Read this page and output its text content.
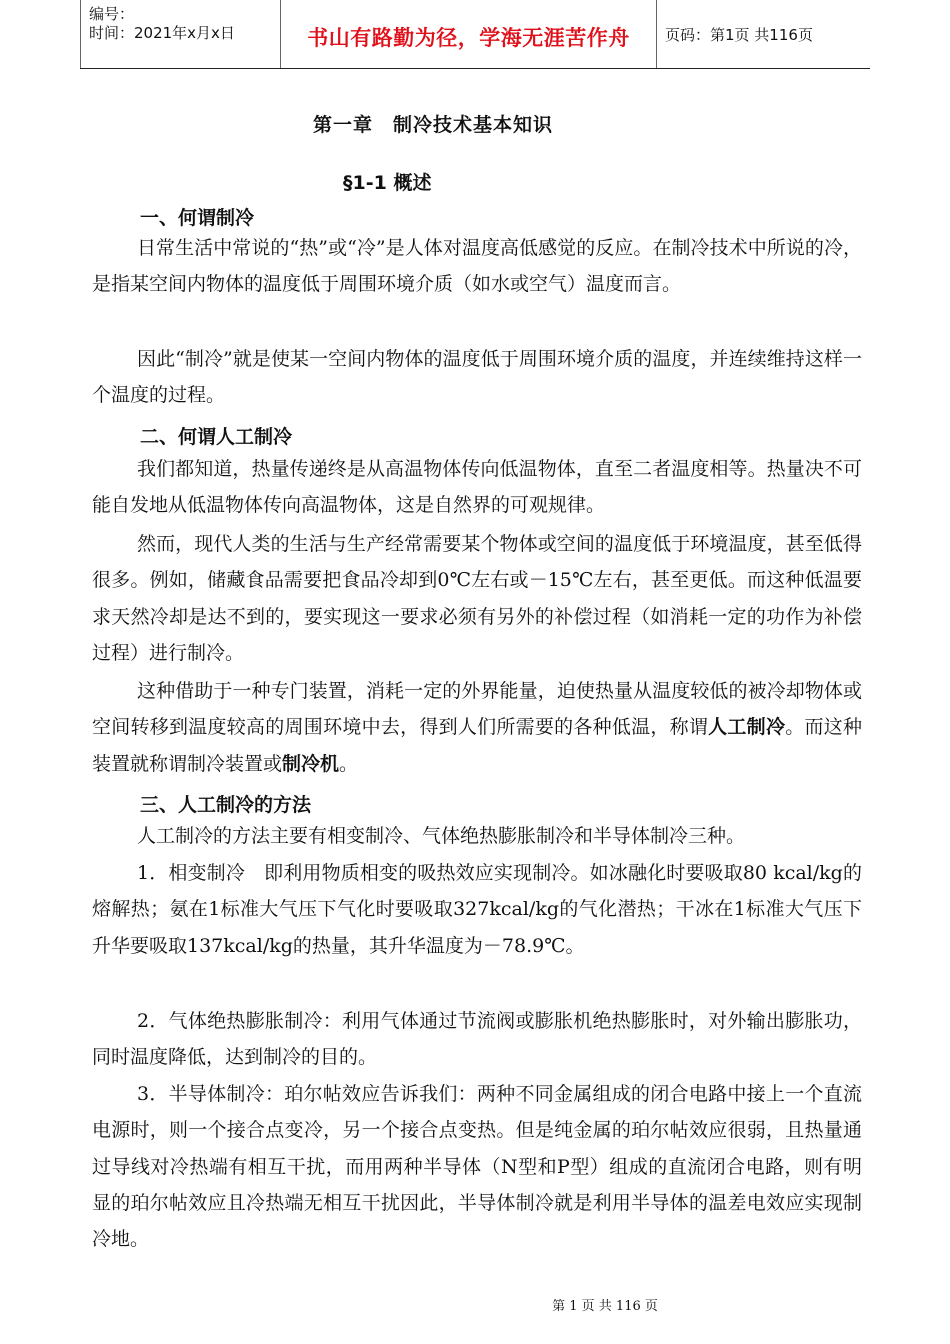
编号：
时间：2021年x月x日	书山有路勤为径，学海无涯苦作舟	页码：第1页 共116页
第一章　制冷技术基本知识
§1-1 概述
一、何谓制冷

日常生活中常说的“热”或“冷”是人体对温度高低感觉的反应。在制冷技术中所说的冷，是指某空间内物体的温度低于周围环境介质（如水或空气）温度而言。

因此“制冷”就是使某一空间内物体的温度低于周围环境介质的温度，并连续维持这样一个温度的过程。

二、何谓人工制冷

我们都知道，热量传递终是从高温物体传向低温物体，直至二者温度相等。热量决不可能自发地从低温物体传向高温物体，这是自然界的可观规律。

然而，现代人类的生活与生产经常需要某个物体或空间的温度低于环境温度，甚至低得很多。例如，储藏食品需要把食品冷却到0℃左右或－15℃左右，甚至更低。而这种低温要求天然冷却是达不到的，要实现这一要求必须有另外的补偿过程（如消耗一定的功作为补偿过程）进行制冷。

这种借助于一种专门装置，消耗一定的外界能量，迫使热量从温度较低的被冷却物体或空间转移到温度较高的周围环境中去，得到人们所需要的各种低温，称谓人工制冷。而这种装置就称谓制冷装置或制冷机。

三、人工制冷的方法

人工制冷的方法主要有相变制冷、气体绝热膨胀制冷和半导体制冷三种。

1．相变制冷　即利用物质相变的吸热效应实现制冷。如冰融化时要吸取80 kcal/kg的熔解热；氨在1标准大气压下气化时要吸取327kcal/kg的气化潜热；干冰在1标准大气压下升华要吸取137kcal/kg的热量，其升华温度为－78.9℃。

2．气体绝热膨胀制冷：利用气体通过节流阀或膨胀机绝热膨胀时，对外输出膨胀功，同时温度降低，达到制冷的目的。

3．半导体制冷：珀尔帖效应告诉我们：两种不同金属组成的闭合电路中接上一个直流电源时，则一个接合点变冷，另一个接合点变热。但是纯金属的珀尔帖效应很弱，且热量通过导线对冷热端有相互干扰，而用两种半导体（N型和P型）组成的直流闭合电路，则有明显的珀尔帖效应且冷热端无相互干扰因此，半导体制冷就是利用半导体的温差电效应实现制冷地。

第 1 页 共 116 页
